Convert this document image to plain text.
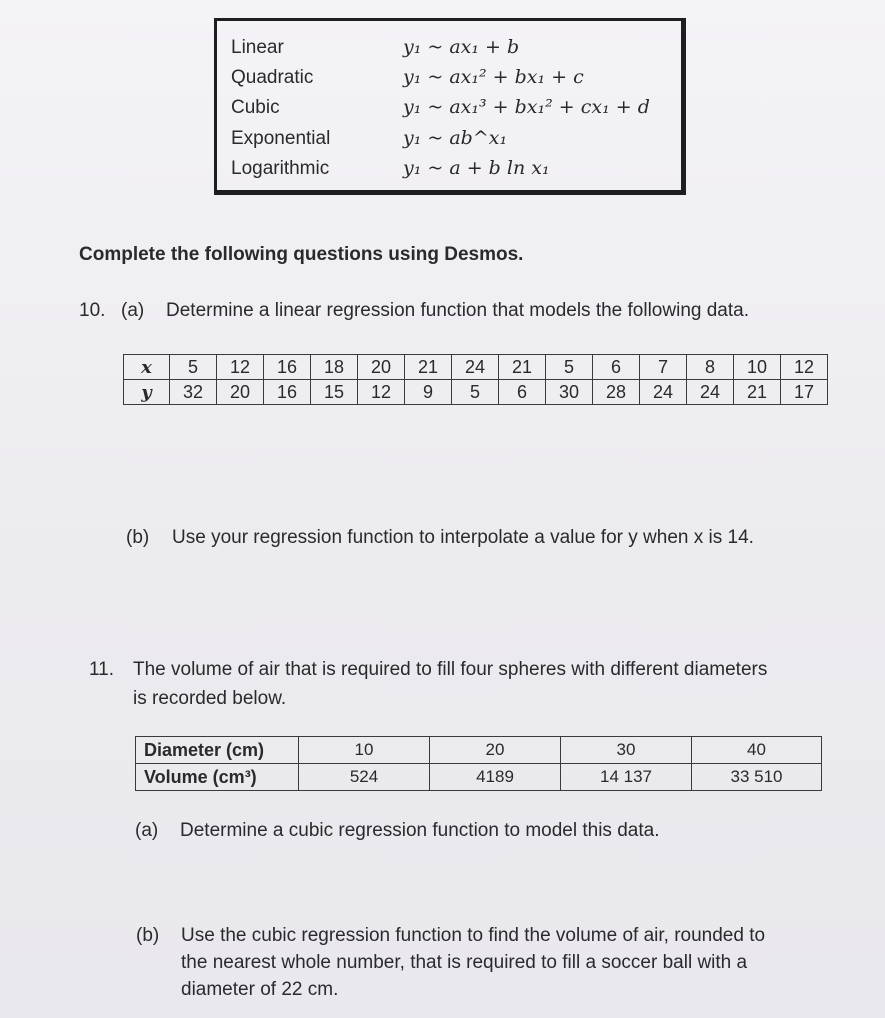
Linear	y₁ ~ ax₁ + b
Quadratic	y₁ ~ ax₁² + bx₁ + c
Cubic	y₁ ~ ax₁³ + bx₁² + cx₁ + d
Exponential	y₁ ~ ab^x₁
Logarithmic	y₁ ~ a + b ln x₁
Complete the following questions using Desmos.
10. (a) Determine a linear regression function that models the following data.
x	5	12	16	18	20	21	24	21	5	6	7	8	10	12
y	32	20	16	15	12	9	5	6	30	28	24	24	21	17
(b) Use your regression function to interpolate a value for y when x is 14.
11. The volume of air that is required to fill four spheres with different diameters
is recorded below.
Diameter (cm)	10	20	30	40
Volume (cm³)	524	4189	14 137	33 510
(a) Determine a cubic regression function to model this data.
(b) Use the cubic regression function to find the volume of air, rounded to
the nearest whole number, that is required to fill a soccer ball with a
diameter of 22 cm.
